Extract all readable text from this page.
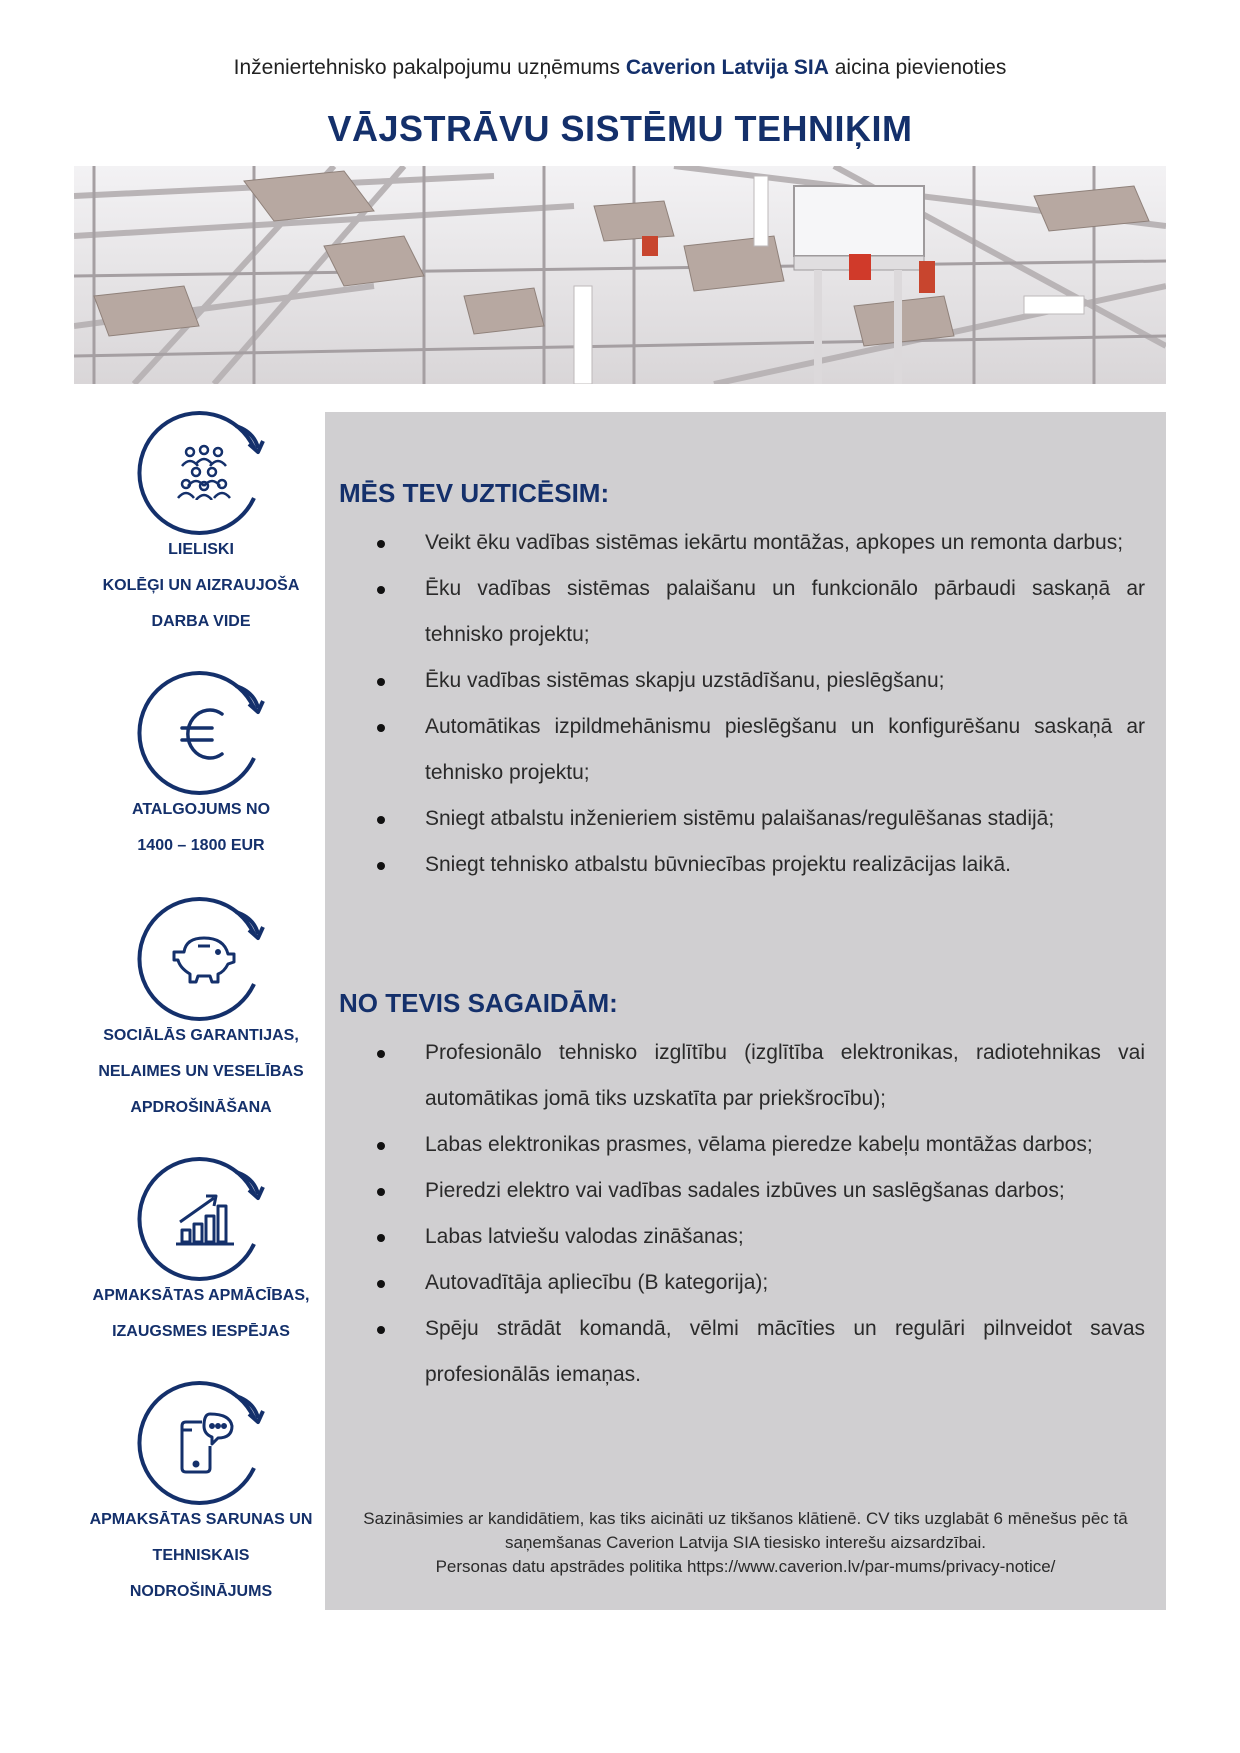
Inženiertehnisko pakalpojumu uzņēmums Caverion Latvija SIA aicina pievienoties
VĀJSTRĀVU SISTĒMU TEHNIĶIM
LIELISKI
KOLĒĢI UN AIZRAUJOŠA
DARBA VIDE
ATALGOJUMS NO
1400 – 1800 EUR
SOCIĀLĀS GARANTIJAS,
NELAIMES UN VESELĪBAS
APDROŠINĀŠANA
APMAKSĀTAS APMĀCĪBAS,
IZAUGSMES IESPĒJAS
APMAKSĀTAS SARUNAS UN
TEHNISKAIS
NODROŠINĀJUMS
MĒS TEV UZTICĒSIM:
Veikt ēku vadības sistēmas iekārtu montāžas, apkopes un remonta darbus;
Ēku vadības sistēmas palaišanu un funkcionālo pārbaudi saskaņā ar tehnisko projektu;
Ēku vadības sistēmas skapju uzstādīšanu, pieslēgšanu;
Automātikas izpildmehānismu pieslēgšanu un konfigurēšanu saskaņā ar tehnisko projektu;
Sniegt atbalstu inženieriem sistēmu palaišanas/regulēšanas stadijā;
Sniegt tehnisko atbalstu būvniecības projektu realizācijas laikā.
NO TEVIS SAGAIDĀM:
Profesionālo tehnisko izglītību (izglītība elektronikas, radiotehnikas vai automātikas jomā tiks uzskatīta par priekšrocību);
Labas elektronikas prasmes, vēlama pieredze kabeļu montāžas darbos;
Pieredzi elektro vai vadības sadales izbūves un saslēgšanas darbos;
Labas latviešu valodas zināšanas;
Autovadītāja apliecību (B kategorija);
Spēju strādāt komandā, vēlmi mācīties un regulāri pilnveidot savas profesionālās iemaņas.
Sazināsimies ar kandidātiem, kas tiks aicināti uz tikšanos klātienē. CV tiks uzglabāt 6 mēnešus pēc tā
saņemšanas Caverion Latvija SIA tiesisko interešu aizsardzībai.
Personas datu apstrādes politika https://www.caverion.lv/par-mums/privacy-notice/
